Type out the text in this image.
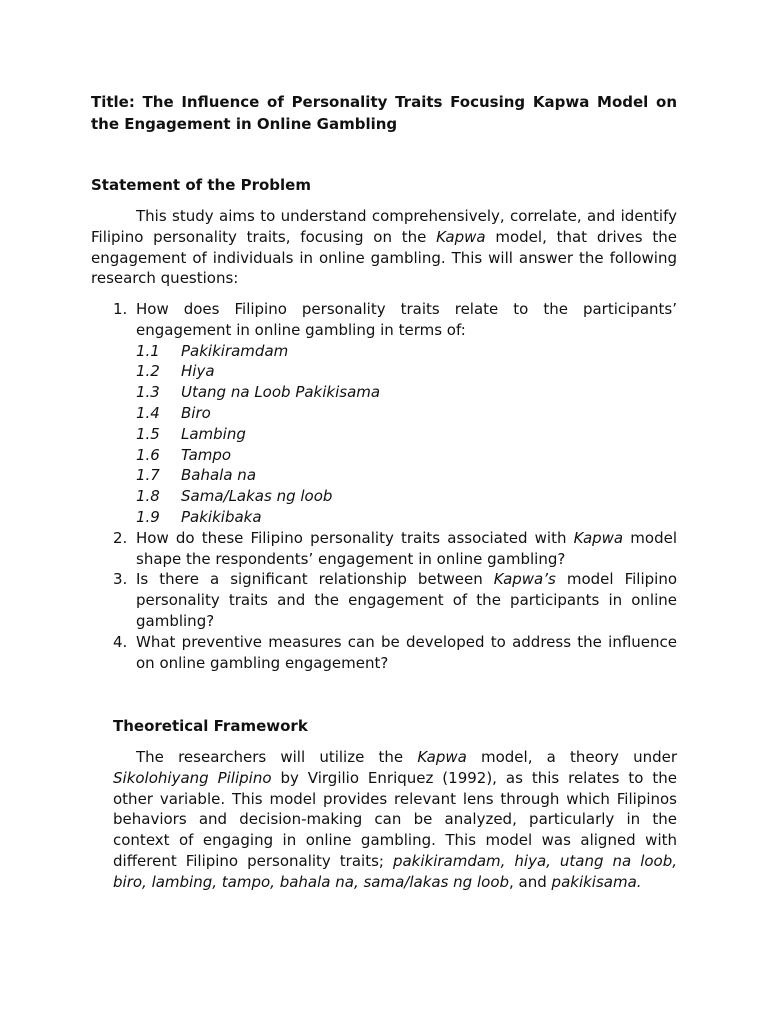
Title: The Influence of Personality Traits Focusing Kapwa Model on the Engagement in Online Gambling

Statement of the Problem

This study aims to understand comprehensively, correlate, and identify Filipino personality traits, focusing on the Kapwa model, that drives the engagement of individuals in online gambling. This will answer the following research questions:

1. How does Filipino personality traits relate to the participants’ engagement in online gambling in terms of:
1.1 Pakikiramdam
1.2 Hiya
1.3 Utang na Loob Pakikisama
1.4 Biro
1.5 Lambing
1.6 Tampo
1.7 Bahala na
1.8 Sama/Lakas ng loob
1.9 Pakikibaka
2. How do these Filipino personality traits associated with Kapwa model shape the respondents’ engagement in online gambling?
3. Is there a significant relationship between Kapwa’s model Filipino personality traits and the engagement of the participants in online gambling?
4. What preventive measures can be developed to address the influence on online gambling engagement?
Theoretical Framework

The researchers will utilize the Kapwa model, a theory under Sikolohiyang Pilipino by Virgilio Enriquez (1992), as this relates to the other variable. This model provides relevant lens through which Filipinos behaviors and decision-making can be analyzed, particularly in the context of engaging in online gambling. This model was aligned with different Filipino personality traits; pakikiramdam, hiya, utang na loob, biro, lambing, tampo, bahala na, sama/lakas ng loob, and pakikisama.
